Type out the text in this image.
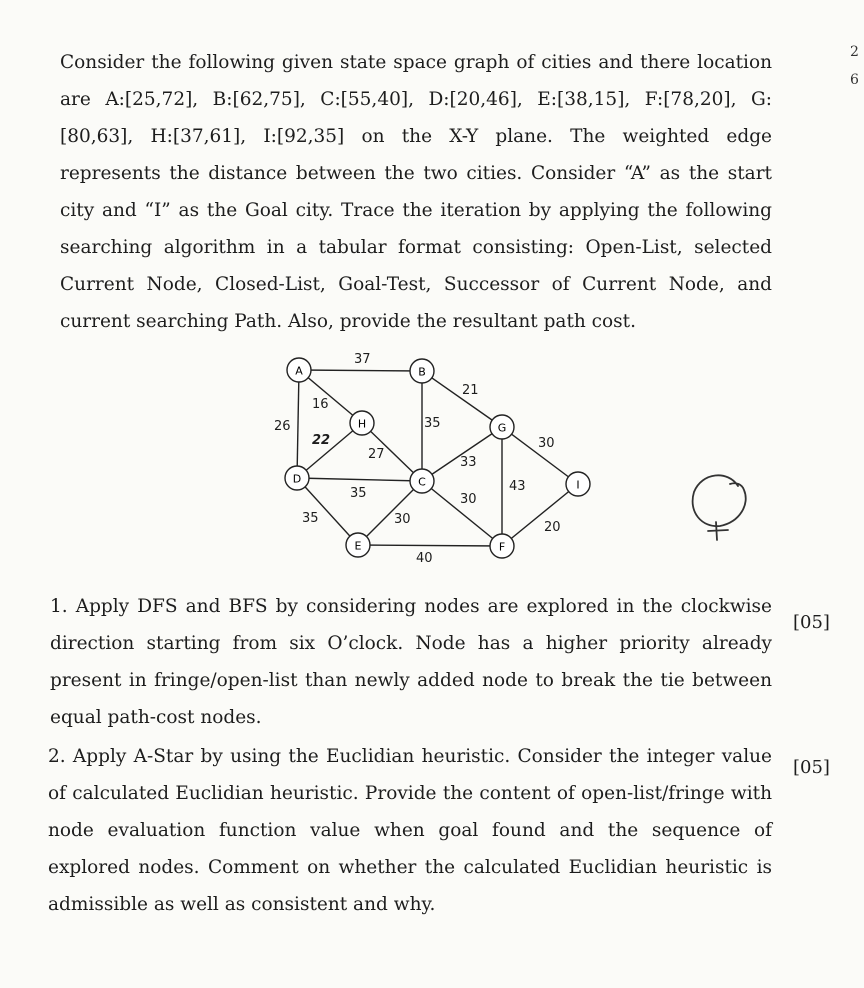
Consider the following given state space graph of cities and there location are A:[25,72], B:[62,75], C:[55,40], D:[20,46], E:[38,15], F:[78,20], G:[80,63], H:[37,61], I:[92,35] on the X-Y plane. The weighted edge represents the distance between the two cities. Consider “A” as the start city and “I” as the Goal city. Trace the iteration by applying the following searching algorithm in a tabular format consisting: Open-List, selected Current Node, Closed-List, Goal-Test, Successor of Current Node, and current searching Path. Also, provide the resultant path cost.

37
16
26
22
27
35
21
33
30
43
35
35	30
30
40
20
A	B
H	G
D	C	I
E	F

1. Apply DFS and BFS by considering nodes are explored in the clockwise direction starting from six O’clock. Node has a higher priority already present in fringe/open-list than newly added node to break the tie between equal path-cost nodes.

[05]

2. Apply A-Star by using the Euclidian heuristic. Consider the integer value of calculated Euclidian heuristic. Provide the content of open-list/fringe with node evaluation function value when goal found and the sequence of explored nodes. Comment on whether the calculated Euclidian heuristic is admissible as well as consistent and why.

[05]
2
6
